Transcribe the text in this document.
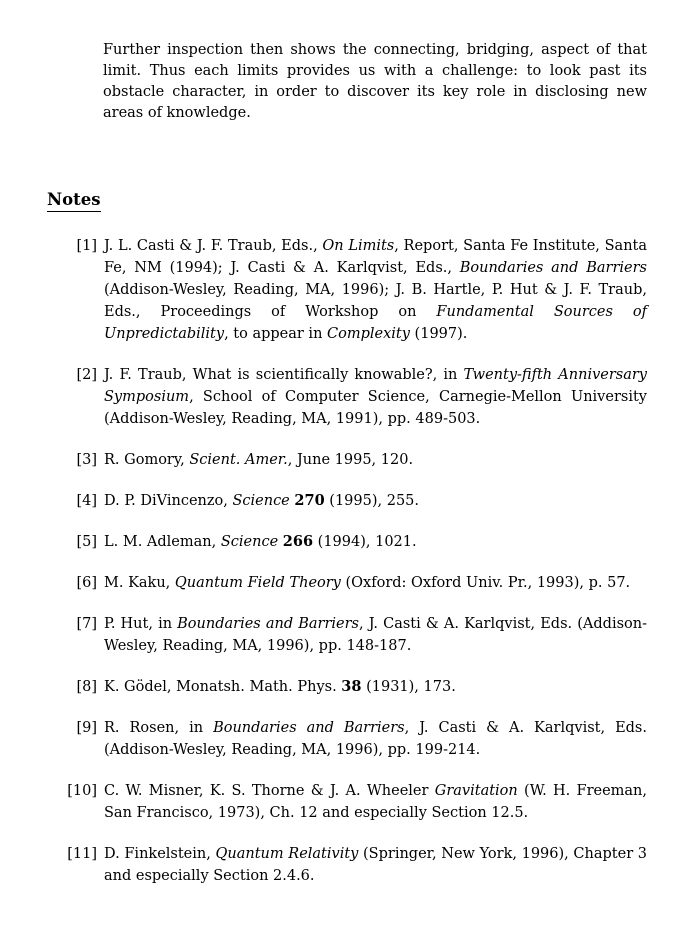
Further inspection then shows the connecting, bridging, aspect of that limit. Thus each limits provides us with a challenge: to look past its obstacle character, in order to discover its key role in disclosing new areas of knowledge.

Notes
[1] J. L. Casti & J. F. Traub, Eds., On Limits, Report, Santa Fe Institute, Santa Fe, NM (1994); J. Casti & A. Karlqvist, Eds., Boundaries and Barriers (Addison-Wesley, Reading, MA, 1996); J. B. Hartle, P. Hut & J. F. Traub, Eds., Proceedings of Workshop on Fundamental Sources of Unpredictability, to appear in Complexity (1997).
[2] J. F. Traub, What is scientifically knowable?, in Twenty-fifth Anniversary Symposium, School of Computer Science, Carnegie-Mellon University (Addison-Wesley, Reading, MA, 1991), pp. 489-503.
[3] R. Gomory, Scient. Amer., June 1995, 120.
[4] D. P. DiVincenzo, Science 270 (1995), 255.
[5] L. M. Adleman, Science 266 (1994), 1021.
[6] M. Kaku, Quantum Field Theory (Oxford: Oxford Univ. Pr., 1993), p. 57.
[7] P. Hut, in Boundaries and Barriers, J. Casti & A. Karlqvist, Eds. (Addison-Wesley, Reading, MA, 1996), pp. 148-187.
[8] K. Gödel, Monatsh. Math. Phys. 38 (1931), 173.
[9] R. Rosen, in Boundaries and Barriers, J. Casti & A. Karlqvist, Eds. (Addison-Wesley, Reading, MA, 1996), pp. 199-214.
[10] C. W. Misner, K. S. Thorne & J. A. Wheeler Gravitation (W. H. Freeman, San Francisco, 1973), Ch. 12 and especially Section 12.5.
[11] D. Finkelstein, Quantum Relativity (Springer, New York, 1996), Chapter 3 and especially Section 2.4.6.
